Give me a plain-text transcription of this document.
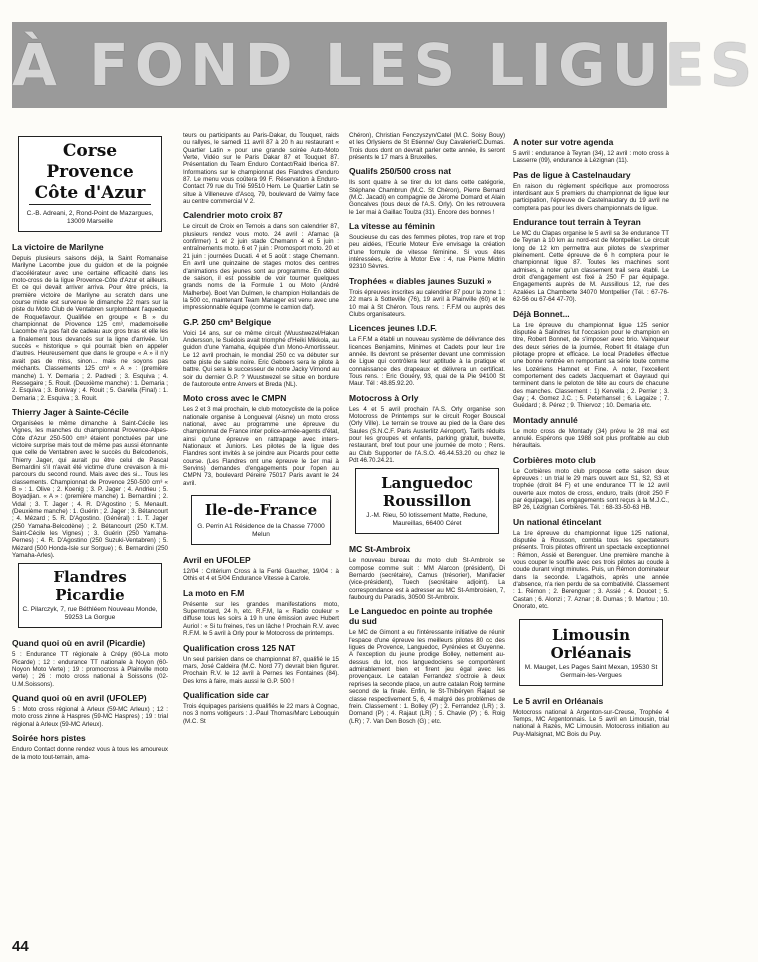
À FOND LES LIGUES
Corse Provence Côte d'Azur
C.-B. Adreani, 2, Rond-Point de Mazargues, 13009 Marseille
La victoire de Marilyne

Depuis plusieurs saisons déjà, la Saint Romanaise Marilyne Lacombe joue du guidon et de la poignée d'accélérateur avec une certaine efficacité dans les moto-cross de la ligue Provence-Côte d'Azur et ailleurs. Et ce qui devait arriver arriva. Pour être précis, la première victoire de Marilyne au scratch dans une course mixte est survenue le dimanche 22 mars sur la piste du Moto Club de Ventabren surplombant l'aqueduc de Roquefavour. Qualifiée en groupe « B » du championnat de Provence 125 cm³, mademoiselle Lacombe n'a pas fait de cadeau aux gros bras et elle les a finalement tous devancés sur la ligne d'arrivée. Un succès « historique » qui pourrait bien en appeler d'autres. Heureusement que dans le groupe « A » il n'y avait pas de miss, sinon... mais ne soyons pas méchants. Classements 125 cm³ « A » : (première manche) 1. Y. Demaria ; 2. Padredi ; 3. Esquiva ; 4. Ressegaire ; 5. Rouit. (Deuxième manche) : 1. Demaria ; 2. Esquiva ; 3. Bonivay ; 4. Rouit ; 5. Garella (Final) : 1. Demaria ; 2. Esquiva ; 3. Rouit.

Thierry Jager à Sainte-Cécile

Organisées le même dimanche à Saint-Cécile les Vignes, les manches du championnat Provence-Alpes-Côte d'Azur 250-500 cm³ étaient ponctuées par une victoire surprise mais tout de même pas aussi étonnante que celle de Ventabren avec le succès du Belcodenois, Thierry Jager, qui aurait pu être celui de Pascal Bernardini s'il n'avait été victime d'une crevaison à mi-parcours du second round. Mais avec des si... Tous les classements. Championnat de Provence 250-500 cm³ « B » : 1. Olive ; 2. Koenig ; 3. P. Jager ; 4. Andrieu ; 5. Boyadjian. « A » : (première manche) 1. Bernardini ; 2. Vidal ; 3. T. Jager ; 4. R. D'Agostino ; 5. Menault. (Deuxième manche) : 1. Guérin ; 2. Jager ; 3. Bétancourt ; 4. Mézard ; 5. R. D'Agostino. (Général) : 1. T. Jager (250 Yamaha-Belcodène) ; 2. Bétancourt (250 K.T.M. Saint-Cécile les Vignes) ; 3. Guérin (250 Yamaha-Pernes) ; 4. R. D'Agostino (250 Suzuki-Ventabren) ; 5. Mézard (500 Honda-Isle sur Sorgue) ; 6. Bernardini (250 Yamaha-Arles).

Flandres Picardie
C. Pilarczyk, 7, rue Béthléem Nouveau Monde, 59253 La Gorgue
Quand quoi où en avril (Picardie)

5 : Endurance TT régionale à Crépy (60-La moto Picarde) ; 12 : endurance TT nationale à Noyon (60-Noyon Moto Verte) ; 19 : promocross à Plainville moto verte) ; 26 : moto cross national à Soissons (02-U.M.Soissons).

Quand quoi où en avril (UFOLEP)

5 : Moto cross régional à Arleux (59-MC Arleux) ; 12 : moto cross zinne à Haspres (59-MC Haspres) ; 19 : trial régional à Arleux (59-MC Arleux).

Soirée hors pistes

Enduro Contact donne rendez vous à tous les amoureux de la moto tout-terrain, ama-

teurs ou participants au Paris-Dakar, du Touquet, raids ou rallyes, le samedi 11 avril 87 à 20 h au restaurant « Quartier Latin » pour une grande soirée Auto-Moto Verte, Vidéo sur le Paris Dakar 87 et Touquet 87. Présentation du Team Enduro Contact/Raid Iberica 87. Informations sur le championnat des Flandres d'enduro 87. Le menu vous coûtera 99 F. Réservation à Enduro-Contact 79 rue du Trié 59510 Hem. Le Quartier Latin se situe à Villeneuve d'Ascq, 79, boulevard de Valmy face au centre commercial V 2.

Calendrier moto croix 87

Le circuit de Croix en Ternois a dans son calendrier 87, plusieurs rendez vous moto. 24 avril : Afamac (à confirmer) 1 et 2 juin stade Chemann 4 et 5 juin : entraînements moto. 6 et 7 juin : Promosport moto. 20 et 21 juin : journées Ducati. 4 et 5 août : stage Chemann. En avril une quinzaine de stages motos des centres d'animations des jeunes sont au programme. En début de saison, il est possible de voir tourner quelques grands noms de la Formule 1 ou Moto (André Malherbe). Boet Van Dulmen, le champion Hollandais de la 500 cc, maintenant Team Manager est venu avec une impressionnable équipe (comme le camion daf).

G.P. 250 cm³ Belgique

Voici 14 ans, sur ce même circuit (Wuustwezel/Hakan Andersson, le Suédois avait triomphé d'Heiki Mikkola, au guidon d'une Yamaha, équipée d'un Mono-Amortisseur. Le 12 avril prochain, le mondial 250 cc va débuter sur cette piste de sable noire. Eric Geboers sera le pilote à battre. Qui sera le successeur de notre Jacky Vimond au soir du dernier G.P. ? Wuustwezel se situe en bordure de l'autoroute entre Anvers et Breda (NL).

Moto cross avec le CMPN

Les 2 et 3 mai prochain, le club motocycliste de la police nationale organise à Longueval (Aisne) un moto cross national, avec au programme une épreuve du championnat de France inter police-armée-agents d'état, ainsi qu'une épreuve en rattrapage avec inters-Nationaux et Juniors. Les pilotes de la ligue des Flandres sont invités à se joindre aux Picards pour cette course. (Les Flandres ont une épreuve le 1er mai à Servins) demandes d'engagements pour l'open au CMPN 73, boulevard Péreire 75017 Paris avant le 24 avril.

Ile-de-France
G. Perrin A1 Résidence de la Chasse 77000 Melun
Avril en UFOLEP

12/04 : Critérium Cross à la Ferté Gaucher, 19/04 : à Othis et 4 et 5/04 Endurance Vitesse à Carole.

La moto en F.M

Présente sur les grandes manifestations moto, Supermotard, 24 h, etc. R.F.M, la « Radio couleur » diffuse tous les soirs à 19 h une émission avec Hubert Auriol : « Si tu freines, t'es un lâche ! Prochain R.V. avec R.F.M. le 5 avril à Orly pour le Motocross de printemps.

Qualification cross 125 NAT

Un seul parisien dans ce championnat 87, qualifié le 15 mars, José Caldeira (M.C. Nord 77) devrait bien figurer. Prochain R.V. le 12 avril à Pernes les Fontaines (84). Des kms à faire, mais aussi le G.P. 500 !

Qualification side car

Trois équipages parisiens qualifiés le 22 mars à Cognac, nos 3 noms voltigeurs : J.-Paul Thomas/Marc Lebouquin (M.C. St

Chéron), Christian Fenczyszyn/Catel (M.C. Soisy Bouy) et les Orlysiens de St Etienne/ Guy Cavalerie/C.Dumas. Trois duos dont on devrait parler cette année, ils seront présents le 17 mars à Bruxelles.

Qualifs 250/500 cross nat

Ils sont quatre à se tirer du lot dans cette catégorie, Stéphane Chambrun (M.C. St Chéron), Pierre Bernard (M.C. Jacadi) en compagnie de Jérome Domard et Alain Goncalves (tous deux de l'A.S. Orly). On les retrouvera le 1er mai à Gaillac Toulza (31). Encore des bonnes !

La vitesse au féminin

Soucieuse du cas des femmes pilotes, trop rare et trop peu aidées, l'Ecurie Moteur Eve envisage la création d'une formule de vitesse féminine. Si vous êtes intéressées, écrire à Motor Eve : 4, rue Pierre Midrin 92310 Sèvres.

Trophées « diables jaunes Suzuki »

Trois épreuves inscrites au calendrier 87 pour la zone 1 : 22 mars à Sotteville (76), 19 avril à Plainville (60) et le 10 mai à St Chéron. Tous rens. : F.F.M ou auprès des Clubs organisateurs.

Licences jeunes I.D.F.

La F.F.M a établi un nouveau système de délivrance des licences Benjamins, Minimes et Cadets pour leur 1re année. Ils devront se présenter devant une commission de Ligue qui contrôlera leur aptitude à la pratique et connaissance des drapeaux et délivrera un certificat. Tous rens. : Eric Gouéry, 93, quai de la Pie 94100 St Maur. Tél : 48.85.92.20.

Motocross à Orly

Les 4 et 5 avril prochain l'A.S. Orly organise son Motocross de Printemps sur le circuit Roger Bouscal (Orly Ville). Le terrain se trouve au pied de la Gare des Saules (S.N.C.F. Paris Austerlitz Aéroport). Tarifs réduits pour les groupes et enfants, parking gratuit, buvette, restaurant, bref tout pour une journée de moto ; Rens. au Club Supporter de l'A.S.O. 46.44.53.20 ou chez le Pdt 46.70.24.21.

Languedoc Roussillon
J.-M. Rieu, 50 lotissement Matte, Redune, Maureillas, 66400 Céret
MC St-Ambroix

Le nouveau bureau du moto club St-Ambroix se compose comme suit : MM Alarcon (président), Di Bernardo (secrétaire), Camus (trésorier), Manifacier (vice-président), Tuech (secrétaire adjoint). La correspondance est à adresser au MC St-Ambroisien, 7, faubourg du Paradis, 30500 St-Ambroix.

Le Languedoc en pointe au trophée du sud

Le MC de Gimont a eu l'intéressante initiative de réunir l'espace d'une épreuve les meilleurs pilotes 80 cc des ligues de Provence, Languedoc, Pyrénées et Guyenne. A l'exception du jeune prodige Bolley, nettement au-dessus du lot, nos languedociens se comportèrent admirablement bien et firent jeu égal avec les provençaux. Le catalan Ferrandez s'octroie à deux reprises la seconde place, un autre catalan Roig termine second de la finale. Enfin, le St-Thibéryen Rajaut se classe respectivement 5, 6, 4 malgré des problèmes de frein. Classement : 1. Bolley (P) ; 2. Ferrandez (LR) ; 3. Dornand (P) ; 4. Rajaut (LR) ; 5. Chavie (P) ; 6. Roig (LR) ; 7. Van Den Bosch (G) ; etc.

A noter sur votre agenda

5 avril : endurance à Teyran (34), 12 avril : moto cross à Lasserre (09), endurance à Lézignan (11).

Pas de ligue à Castelnaudary

En raison du règlement spécifique aux promocross interdisant aux 5 premiers du championnat de ligue leur participation, l'épreuve de Castelnaudary du 19 avril ne comptera pas pour les divers championnats de ligue.

Endurance tout terrain à Teyran

Le MC du Clapas organise le 5 avril sa 3e endurance TT de Teyran à 10 km au nord-est de Montpellier. Le circuit long de 12 km permettra aux pilotes de s'exprimer pleinement. Cette épreuve de 6 h comptera pour le championnat ligue 87. Toutes les machines sont admises, à noter qu'un classement trail sera établi. Le droit d'engagement est fixé à 250 F par équipage. Engagements auprès de M. Aussillous 12, rue des Azalées La Chamberte 34070 Montpellier (Tél. : 67-76-62-56 ou 67-64 47-70).

Déjà Bonnet...

La 1re épreuve du championnat ligue 125 senior disputée à Salindres fut l'occasion pour le champion en titre, Robert Bonnet, de s'imposer avec brio. Vainqueur des deux séries de la journée, Robert fit étalage d'un pilotage propre et efficace. Le local Pradelles effectue une bonne rentrée en remportant sa série toute comme les Lozériens Hamnet et Fine. A noter, l'excellent comportement des cadets Jacquemart et Gayraud qui terminent dans le peloton de tête au cours de chacune des manches. Classement : 1) Kervella ; 2. Perrier ; 3. Gay ; 4. Gomez J.C. ; 5. Peterhansel ; 6. Lagaize ; 7. Guédard ; 8. Pérez ; 9. Thiervoz ; 10. Demaria etc.

Montady annulé

Le moto cross de Montady (34) prévu le 28 mai est annulé. Espérons que 1988 soit plus profitable au club héraultais.

Corbières moto club

Le Corbières moto club propose cette saison deux épreuves : un trial le 29 mars ouvert aux S1, S2, S3 et trophée (droit 84 F) et une endurance TT le 12 avril ouverte aux motos de cross, enduro, trails (droit 250 F par équipage). Les engagements sont reçus à la M.J.C., BP 26, Lézignan Corbières. Tél. : 68-33-50-63 HB.

Un national étincelant

La 1re épreuve du championnat ligue 125 national, disputée à Rousson, combla tous les spectateurs présents. Trois pilotes offrirent un spectacle exceptionnel : Rémon, Assié et Berenguer. Une première manche à vous couper le souffle avec ces trois pilotes au coude à coude durant vingt minutes. Puis, un Rémon dominateur dans la seconde. L'agathois, après une année d'absence, n'a rien perdu de sa combativité. Classement : 1. Rémon ; 2. Berenguer ; 3. Assié ; 4. Doucet ; 5. Castan ; 6. Alonzi ; 7. Aznar ; 8. Dumas ; 9. Martou ; 10. Onorato, etc.

Limousin Orléanais
M. Mauget, Les Pages Saint Mexan, 19530 St Germain-les-Vergues
Le 5 avril en Orléanais

Motocross national à Argenton-sur-Creuse, Trophée 4 Temps, MC Argentonnais. Le 5 avril en Limousin, trial national à Razès, MC Limousin. Motocross initiation au Puy-Malsignat, MC Bois du Puy.

44
